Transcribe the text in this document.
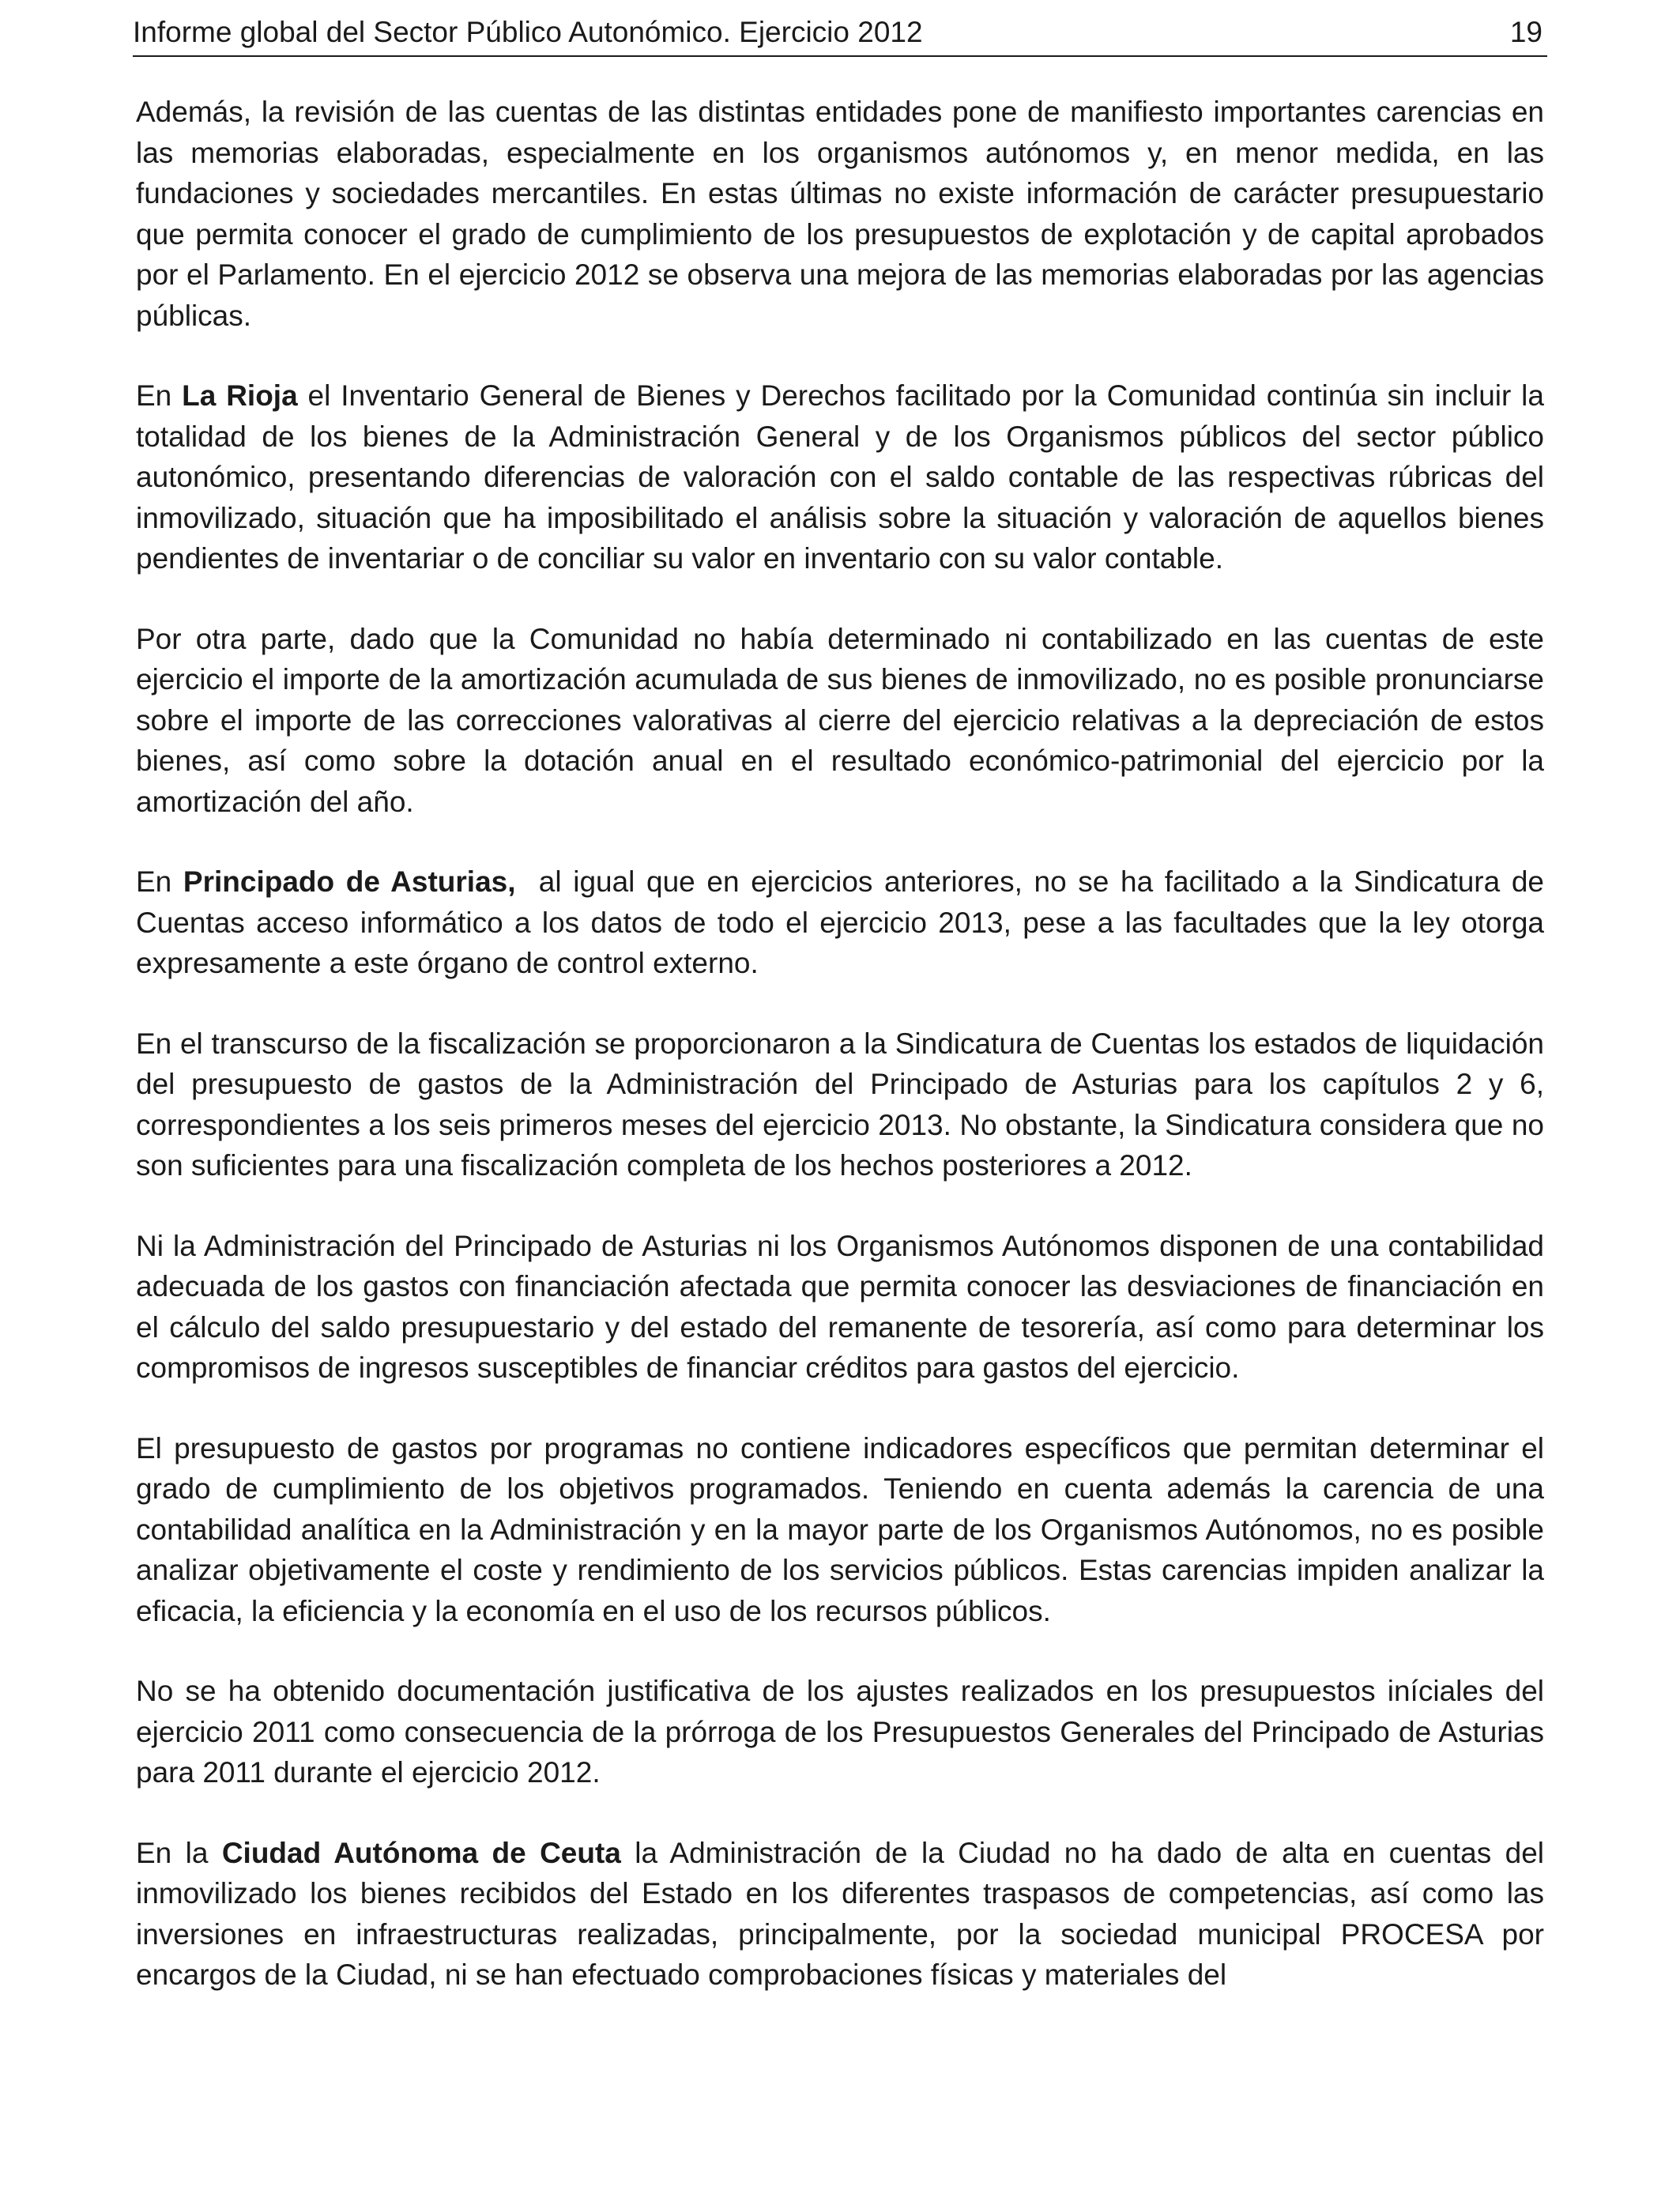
Informe global del Sector Público Autonómico. Ejercicio 2012	19

Además, la revisión de las cuentas de las distintas entidades pone de manifiesto importantes carencias en las memorias elaboradas, especialmente en los organismos autónomos y, en menor medida, en las fundaciones y sociedades mercantiles. En estas últimas no existe información de carácter presupuestario que permita conocer el grado de cumplimiento de los presupuestos de explotación y de capital aprobados por el Parlamento. En el ejercicio 2012 se observa una mejora de las memorias elaboradas por las agencias públicas.

En La Rioja el Inventario General de Bienes y Derechos facilitado por la Comunidad continúa sin incluir la totalidad de los bienes de la Administración General y de los Organismos públicos del sector público autonómico, presentando diferencias de valoración con el saldo contable de las respectivas rúbricas del inmovilizado, situación que ha imposibilitado el análisis sobre la situación y valoración de aquellos bienes pendientes de inventariar o de conciliar su valor en inventario con su valor contable.

Por otra parte, dado que la Comunidad no había determinado ni contabilizado en las cuentas de este ejercicio el importe de la amortización acumulada de sus bienes de inmovilizado, no es posible pronunciarse sobre el importe de las correcciones valorativas al cierre del ejercicio relativas a la depreciación de estos bienes, así como sobre la dotación anual en el resultado económico-patrimonial del ejercicio por la amortización del año.

En Principado de Asturias,  al igual que en ejercicios anteriores, no se ha facilitado a la Sindicatura de Cuentas acceso informático a los datos de todo el ejercicio 2013, pese a las facultades que la ley otorga expresamente a este órgano de control externo.

En el transcurso de la fiscalización se proporcionaron a la Sindicatura de Cuentas los estados de liquidación del presupuesto de gastos de la Administración del Principado de Asturias para los capítulos 2 y 6, correspondientes a los seis primeros meses del ejercicio 2013. No obstante, la Sindicatura considera que no son suficientes para una fiscalización completa de los hechos posteriores a 2012.

Ni la Administración del Principado de Asturias ni los Organismos Autónomos disponen de una contabilidad adecuada de los gastos con financiación afectada que permita conocer las desviaciones de financiación en el cálculo del saldo presupuestario y del estado del remanente de tesorería, así como para determinar los compromisos de ingresos susceptibles de financiar créditos para gastos del ejercicio.

El presupuesto de gastos por programas no contiene indicadores específicos que permitan determinar el grado de cumplimiento de los objetivos programados. Teniendo en cuenta además la carencia de una contabilidad analítica en la Administración y en la mayor parte de los Organismos Autónomos, no es posible analizar objetivamente el coste y rendimiento de los servicios públicos. Estas carencias impiden analizar la eficacia, la eficiencia y la economía en el uso de los recursos públicos.

No se ha obtenido documentación justificativa de los ajustes realizados en los presupuestos iníciales del ejercicio 2011 como consecuencia de la prórroga de los Presupuestos Generales del Principado de Asturias para 2011 durante el ejercicio 2012.

En la Ciudad Autónoma de Ceuta la Administración de la Ciudad no ha dado de alta en cuentas del inmovilizado los bienes recibidos del Estado en los diferentes traspasos de competencias, así como las inversiones en infraestructuras realizadas, principalmente, por la sociedad municipal PROCESA por encargos de la Ciudad, ni se han efectuado comprobaciones físicas y materiales del
